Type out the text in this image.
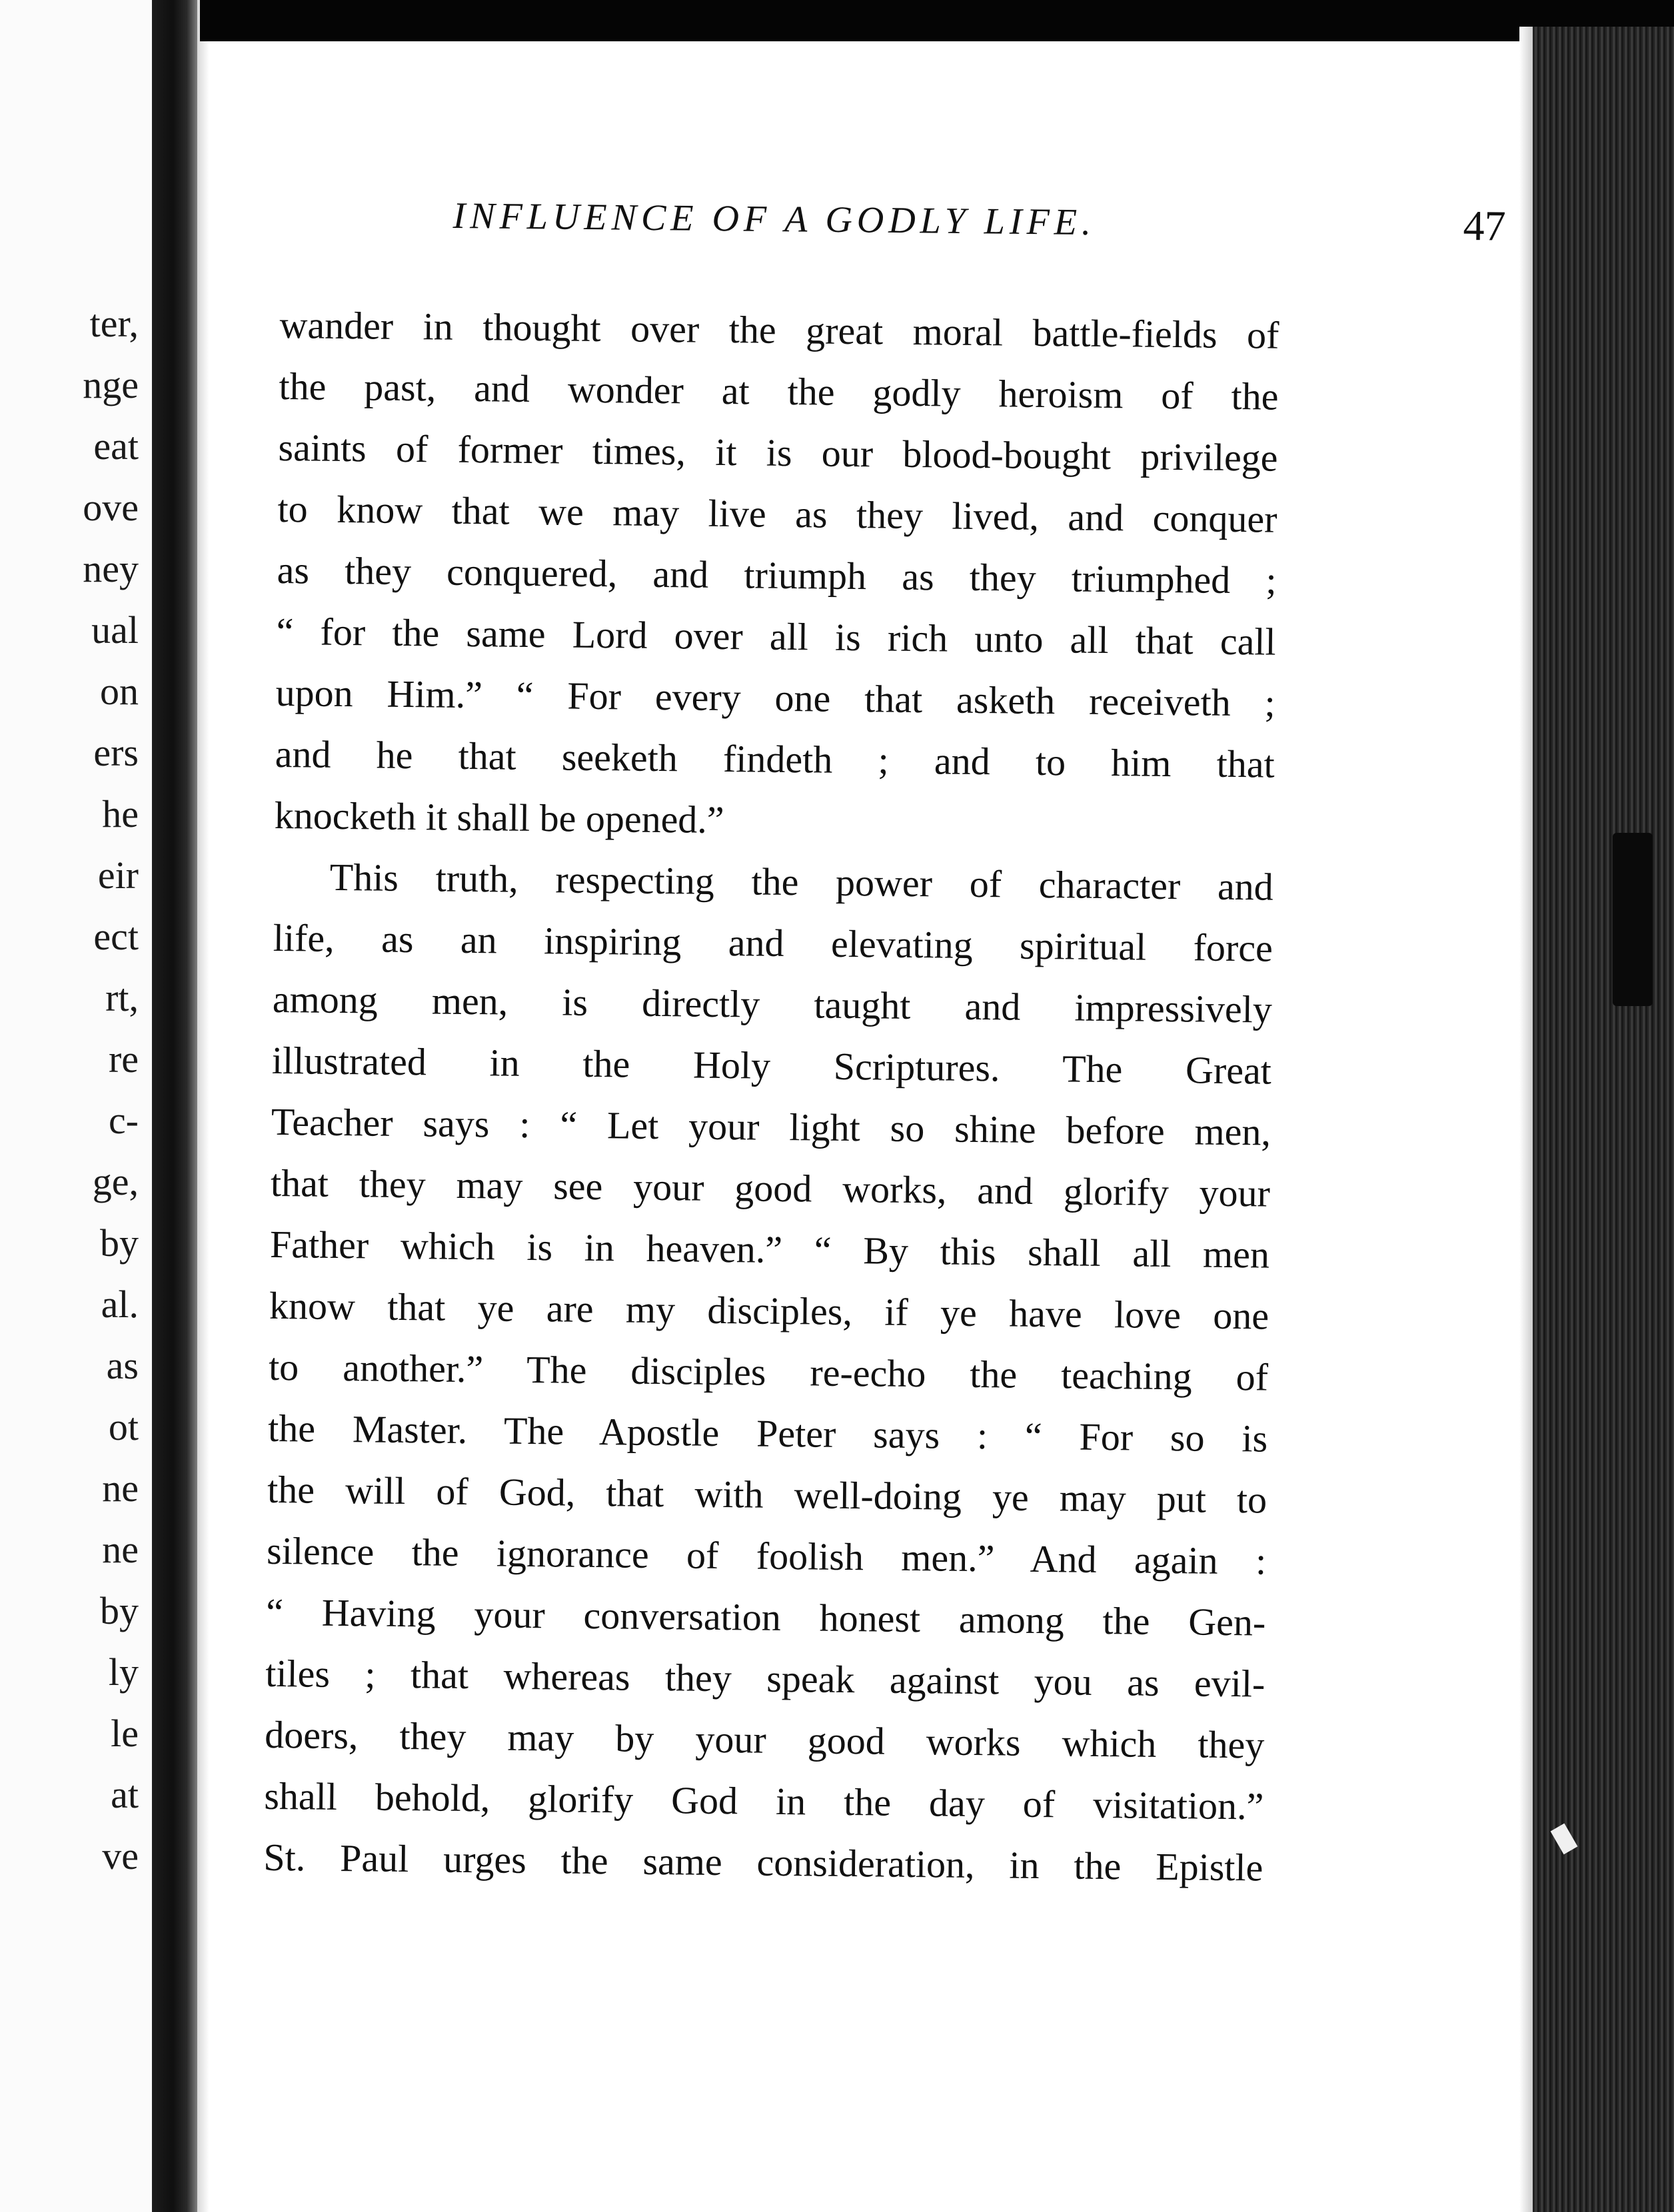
ter,
nge
eat
ove
ney
ual
on
ers
he
eir
ect
rt,
re
c-
ge,
by
al.
as
ot
ne
ne
by
ly
le
at
ve
INFLUENCE OF A GODLY LIFE.	47
wander in thought over the great moral battle-fields of
the past, and wonder at the godly heroism of the
saints of former times, it is our blood-bought privilege
to know that we may live as they lived, and conquer
as they conquered, and triumph as they triumphed ;
“ for the same Lord over all is rich unto all that call
upon Him.” “ For every one that asketh receiveth ;
and he that seeketh findeth ; and to him that
knocketh it shall be opened.”
This truth, respecting the power of character and
life, as an inspiring and elevating spiritual force
among men, is directly taught and impressively
illustrated in the Holy Scriptures. The Great
Teacher says : “ Let your light so shine before men,
that they may see your good works, and glorify your
Father which is in heaven.” “ By this shall all men
know that ye are my disciples, if ye have love one
to another.” The disciples re-echo the teaching of
the Master. The Apostle Peter says : “ For so is
the will of God, that with well-doing ye may put to
silence the ignorance of foolish men.” And again :
“ Having your conversation honest among the Gen-
tiles ; that whereas they speak against you as evil-
doers, they may by your good works which they
shall behold, glorify God in the day of visitation.”
St. Paul urges the same consideration, in the Epistle
